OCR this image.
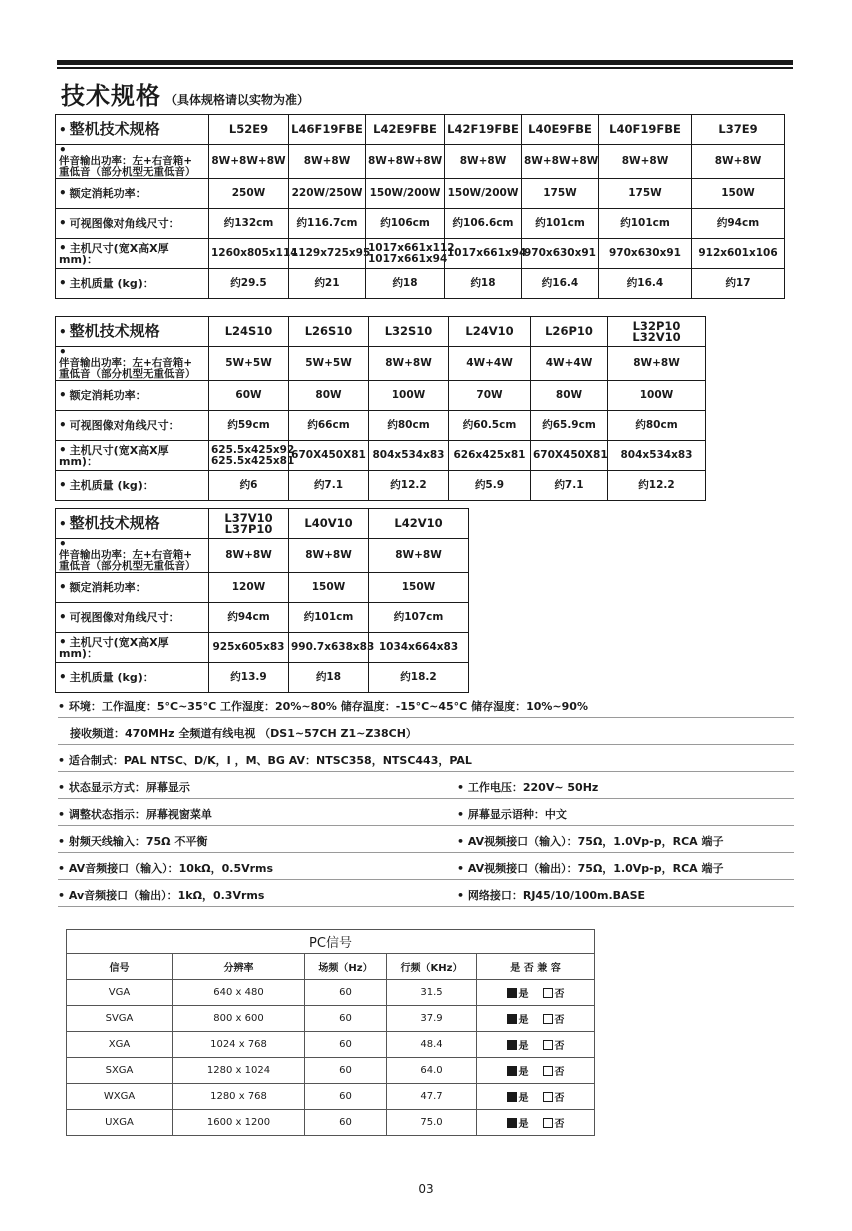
技术规格 （具体规格请以实物为准）
• 整机技术规格	L52E9	L46F19FBE	L42E9FBE	L42F19FBE	L40E9FBE	L40F19FBE	L37E9
•伴音输出功率：左+右音箱+
重低音（部分机型无重低音）	8W+8W+8W	8W+8W	8W+8W+8W	8W+8W	8W+8W+8W	8W+8W	8W+8W
• 额定消耗功率：	250W	220W/250W	150W/200W	150W/200W	175W	175W	150W
• 可视图像对角线尺寸：	约132cm	约116.7cm	约106cm	约106.6cm	约101cm	约101cm	约94cm
• 主机尺寸(宽X高X厚mm)：	1260x805x114	1129x725x95	1017x661x112
1017x661x94	1017x661x94	970x630x91	970x630x91	912x601x106
• 主机质量 (kg)：	约29.5	约21	约18	约18	约16.4	约16.4	约17
• 整机技术规格	L24S10	L26S10	L32S10	L24V10	L26P10	L32P10
L32V10
•伴音输出功率：左+右音箱+
重低音（部分机型无重低音）	5W+5W	5W+5W	8W+8W	4W+4W	4W+4W	8W+8W
• 额定消耗功率：	60W	80W	100W	70W	80W	100W
• 可视图像对角线尺寸：	约59cm	约66cm	约80cm	约60.5cm	约65.9cm	约80cm
• 主机尺寸(宽X高X厚mm)：	625.5x425x92
625.5x425x81	670X450X81	804x534x83	626x425x81	670X450X81	804x534x83
• 主机质量 (kg)：	约6	约7.1	约12.2	约5.9	约7.1	约12.2
• 整机技术规格	L37V10
L37P10	L40V10	L42V10
•伴音输出功率：左+右音箱+
重低音（部分机型无重低音）	8W+8W	8W+8W	8W+8W
• 额定消耗功率：	120W	150W	150W
• 可视图像对角线尺寸：	约94cm	约101cm	约107cm
• 主机尺寸(宽X高X厚mm)：	925x605x83	990.7x638x83	1034x664x83
• 主机质量 (kg)：	约13.9	约18	约18.2
• 环境：工作温度：5°C~35°C 工作湿度：20%~80% 储存温度：-15°C~45°C 储存湿度：10%~90%
接收频道：470MHz 全频道有线电视 （DS1~57CH Z1~Z38CH）
• 适合制式：PAL NTSC、D/K，I ，M、BG AV：NTSC358，NTSC443，PAL
• 状态显示方式：屏幕显示	• 工作电压：220V~ 50Hz
• 调整状态指示：屏幕视窗菜单	• 屏幕显示语种：中文
• 射频天线输入：75Ω 不平衡	• AV视频接口（输入）：75Ω，1.0Vp-p，RCA 端子
• AV音频接口（输入）：10kΩ，0.5Vrms	• AV视频接口（输出）：75Ω，1.0Vp-p，RCA 端子
• Av音频接口（输出）：1kΩ，0.3Vrms	• 网络接口：RJ45/10/100m.BASE
PC信号				
信号	分辨率	场频（Hz）	行频（KHz）	是 否 兼 容
VGA	640 x 480	60	31.5	是 否
SVGA	800 x 600	60	37.9	是 否
XGA	1024 x 768	60	48.4	是 否
SXGA	1280 x 1024	60	64.0	是 否
WXGA	1280 x 768	60	47.7	是 否
UXGA	1600 x 1200	60	75.0	是 否
03
